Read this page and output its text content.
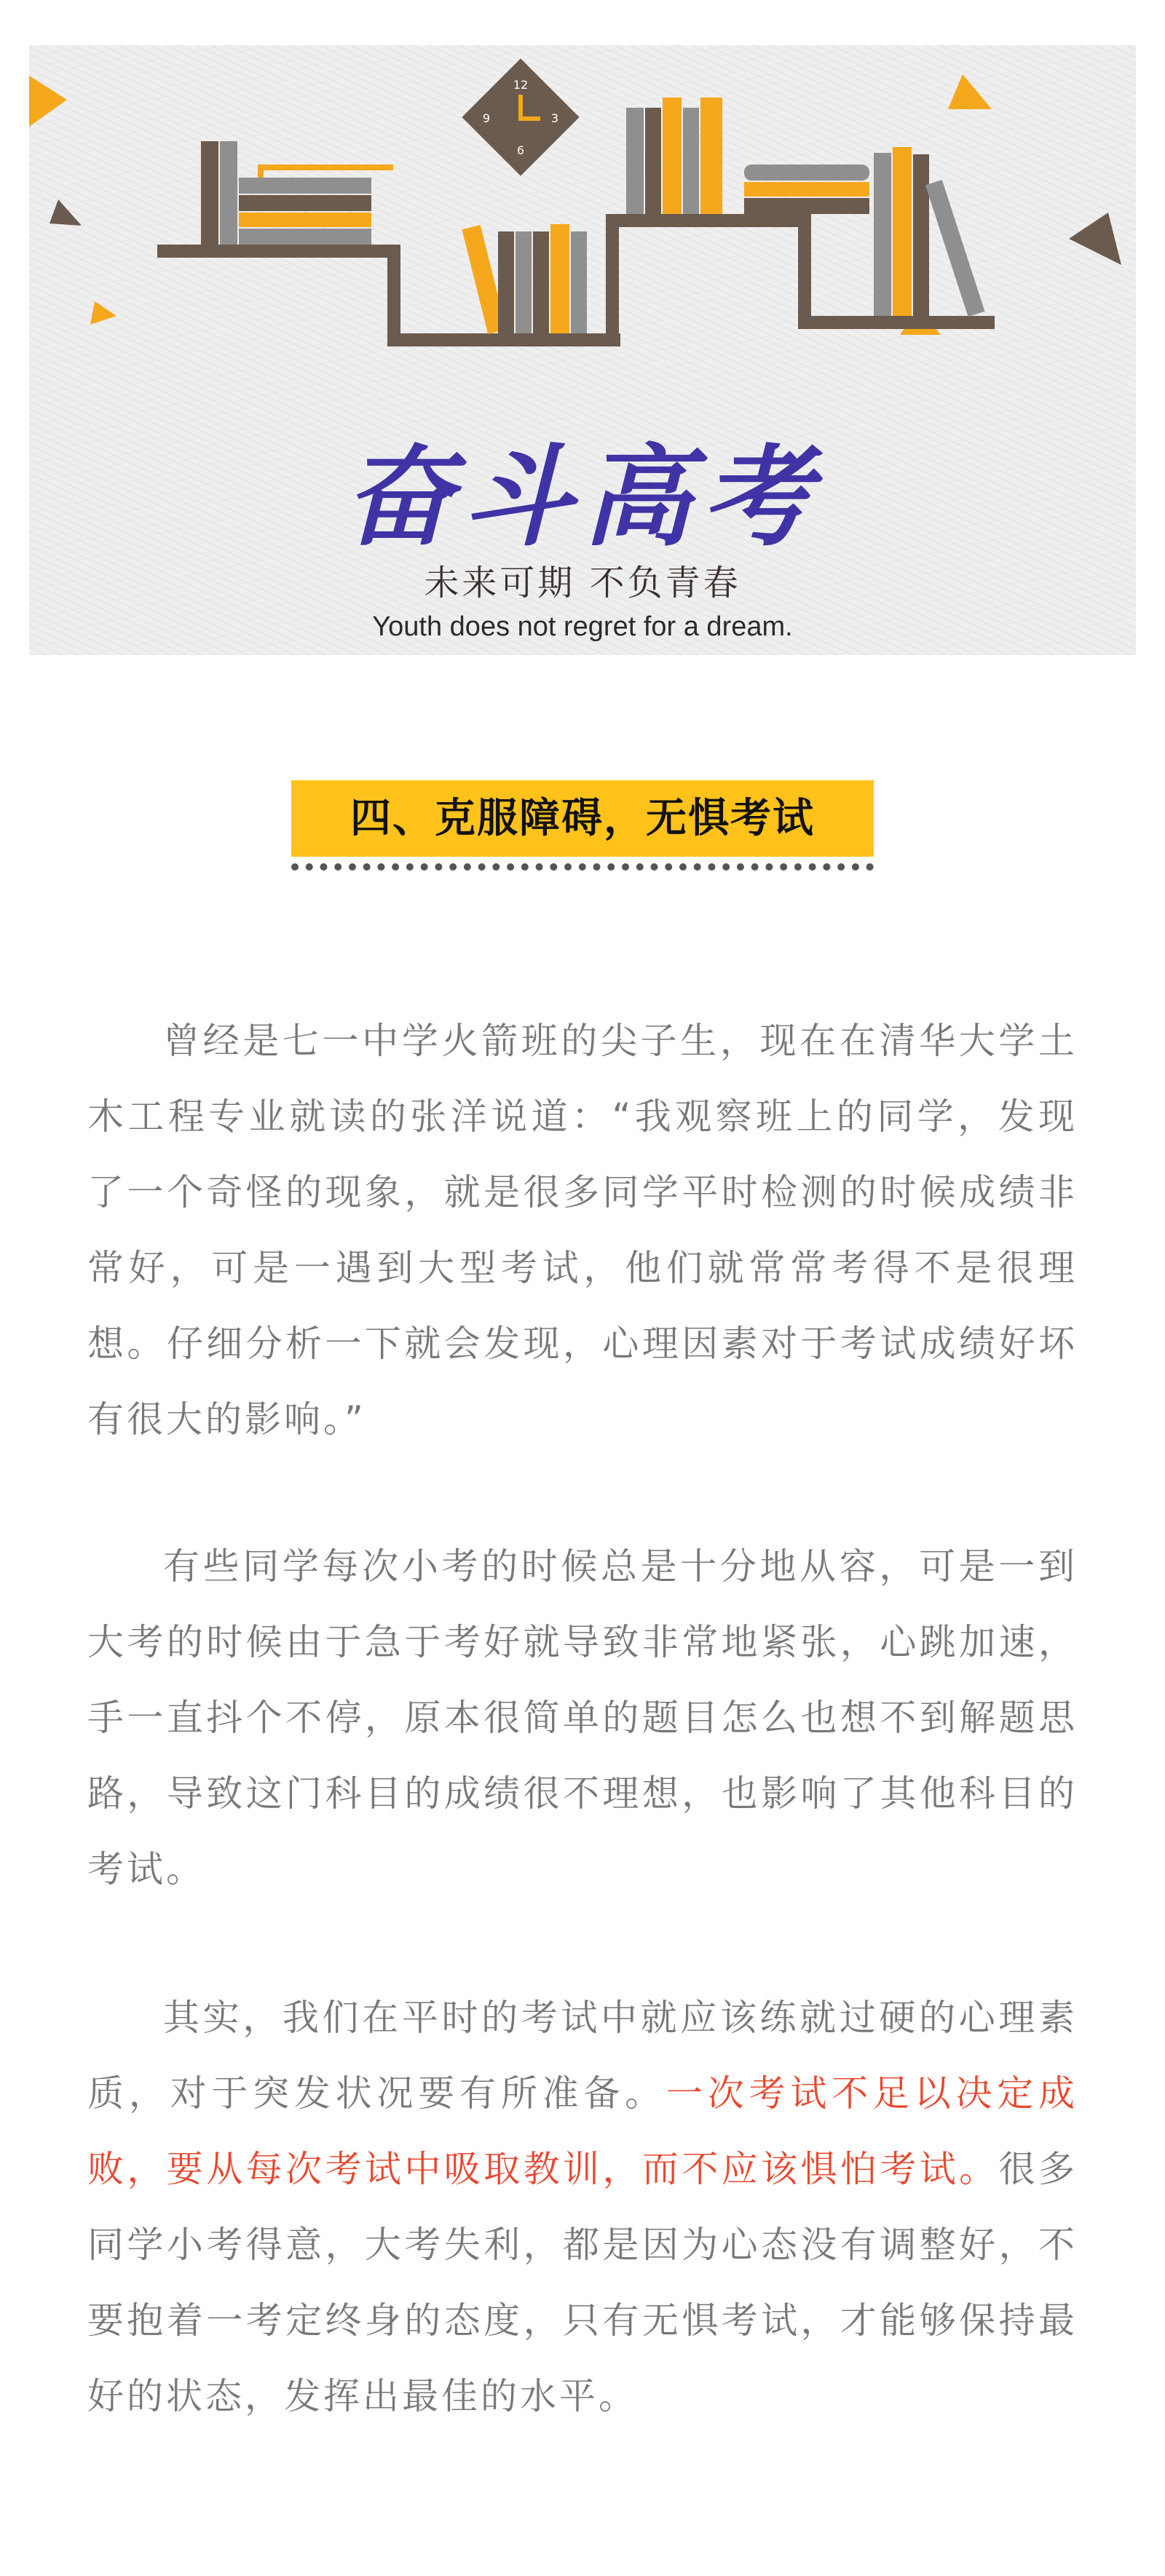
12
3
6
9
奋斗高考
未来可期 不负青春
Youth does not regret for a dream.
四、克服障碍，无惧考试

曾经是七一中学火箭班的尖子生，现在在清华大学土木工程专业就读的张洋说道：“我观察班上的同学，发现了一个奇怪的现象，就是很多同学平时检测的时候成绩非常好，可是一遇到大型考试，他们就常常考得不是很理想。仔细分析一下就会发现，心理因素对于考试成绩好坏有很大的影响。”

有些同学每次小考的时候总是十分地从容，可是一到大考的时候由于急于考好就导致非常地紧张，心跳加速，手一直抖个不停，原本很简单的题目怎么也想不到解题思路，导致这门科目的成绩很不理想，也影响了其他科目的考试。

其实，我们在平时的考试中就应该练就过硬的心理素质，对于突发状况要有所准备。一次考试不足以决定成败，要从每次考试中吸取教训，而不应该惧怕考试。很多同学小考得意，大考失利，都是因为心态没有调整好，不要抱着一考定终身的态度，只有无惧考试，才能够保持最好的状态，发挥出最佳的水平。
